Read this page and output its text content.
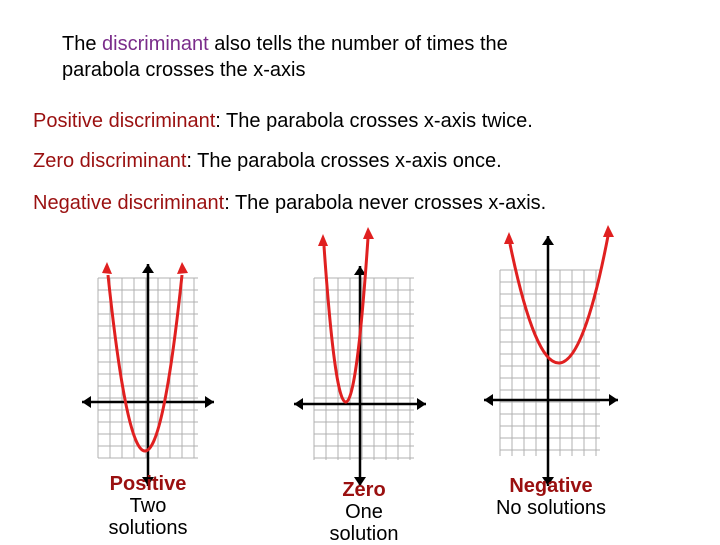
The discriminant also tells the number of times the
parabola crosses the x-axis
Positive discriminant: The parabola crosses x-axis twice.
Zero discriminant: The parabola crosses x-axis once.
Negative discriminant: The parabola never crosses x-axis.
Positive
Two solutions
Zero
One solution
Negative
No solutions
